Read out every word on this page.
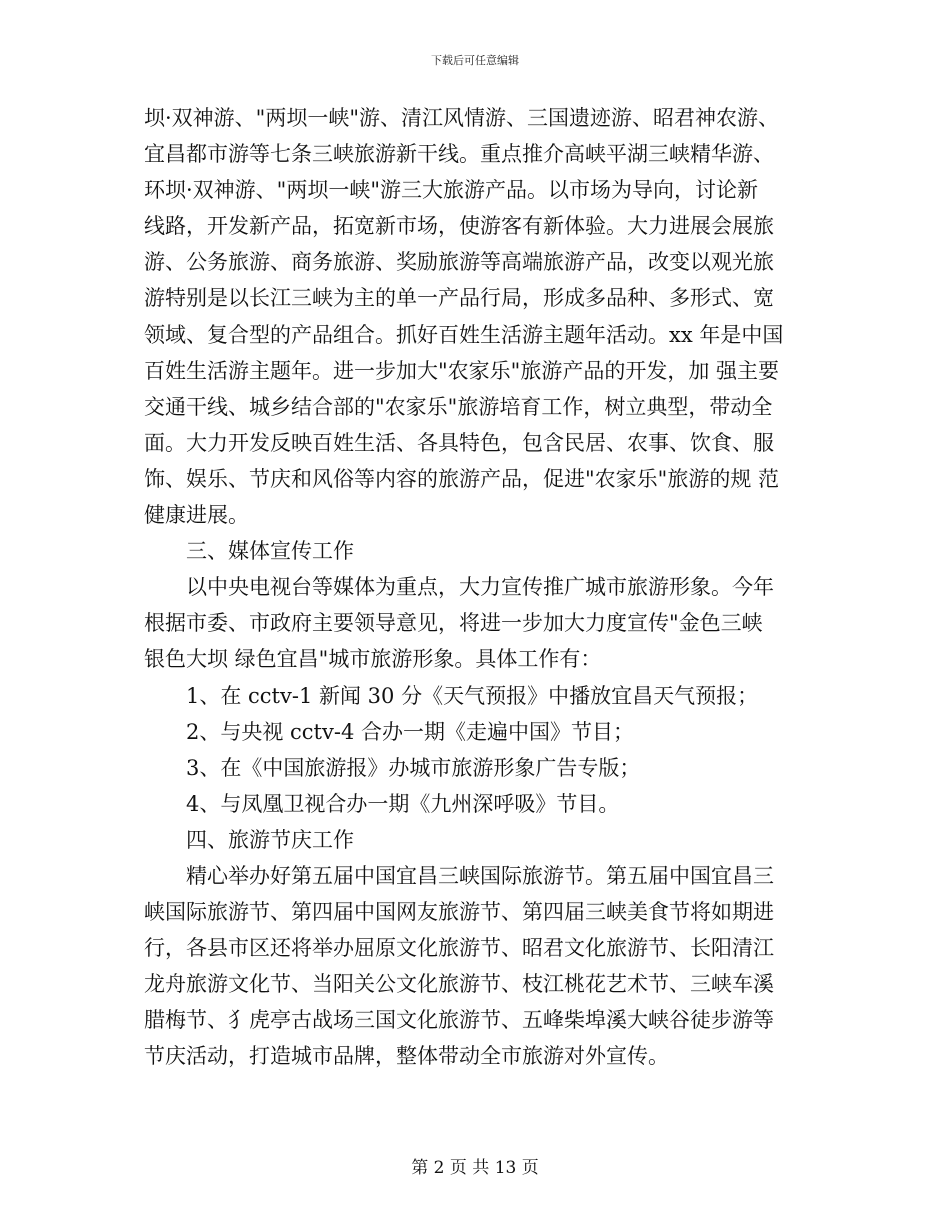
下载后可任意编辑
坝·双神游、"两坝一峡"游、清江风情游、三国遗迹游、昭君神农游、
宜昌都市游等七条三峡旅游新干线。重点推介高峡平湖三峡精华游、
环坝·双神游、"两坝一峡"游三大旅游产品。以市场为导向，讨论新
线路，开发新产品，拓宽新市场，使游客有新体验。大力进展会展旅
游、公务旅游、商务旅游、奖励旅游等高端旅游产品，改变以观光旅
游特别是以长江三峡为主的单一产品行局，形成多品种、多形式、宽
领域、复合型的产品组合。抓好百姓生活游主题年活动。xx 年是中国
百姓生活游主题年。进一步加大"农家乐"旅游产品的开发，加 强主要
交通干线、城乡结合部的"农家乐"旅游培育工作，树立典型，带动全
面。大力开发反映百姓生活、各具特色，包含民居、农事、饮食、服
饰、娱乐、节庆和风俗等内容的旅游产品，促进"农家乐"旅游的规 范
健康进展。
三、媒体宣传工作
以中央电视台等媒体为重点，大力宣传推广城市旅游形象。今年
根据市委、市政府主要领导意见，将进一步加大力度宣传"金色三峡
银色大坝 绿色宜昌"城市旅游形象。具体工作有：
1、在 cctv-1 新闻 30 分《天气预报》中播放宜昌天气预报；
2、与央视 cctv-4 合办一期《走遍中国》节目；
3、在《中国旅游报》办城市旅游形象广告专版；
4、与凤凰卫视合办一期《九州深呼吸》节目。
四、旅游节庆工作
精心举办好第五届中国宜昌三峡国际旅游节。第五届中国宜昌三
峡国际旅游节、第四届中国网友旅游节、第四届三峡美食节将如期进
行，各县市区还将举办屈原文化旅游节、昭君文化旅游节、长阳清江
龙舟旅游文化节、当阳关公文化旅游节、枝江桃花艺术节、三峡车溪
腊梅节、犭虎亭古战场三国文化旅游节、五峰柴埠溪大峡谷徒步游等
节庆活动，打造城市品牌，整体带动全市旅游对外宣传。
第 2 页 共 13 页
